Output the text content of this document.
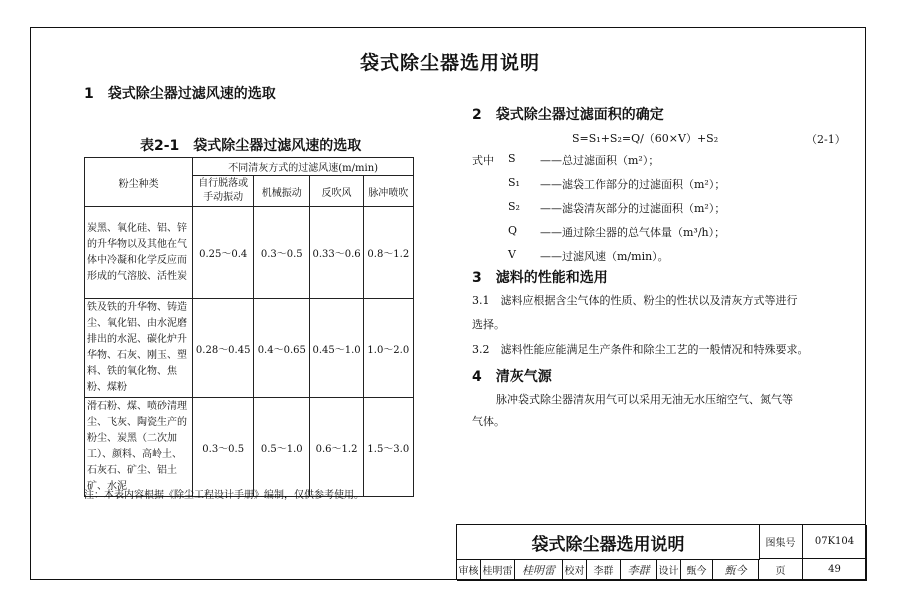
袋式除尘器选用说明
1　袋式除尘器过滤风速的选取
表2-1　袋式除尘器过滤风速的选取
粉尘种类	不同清灰方式的过滤风速(m/min)			
	自行脱落或手动振动	机械振动	反吹风	脉冲喷吹
炭黑、氧化硅、铝、锌的升华物以及其他在气体中冷凝和化学反应而形成的气溶胶、活性炭	0.25～0.4	0.3～0.5	0.33～0.6	0.8～1.2
铁及铁的升华物、铸造尘、氧化铝、由水泥磨排出的水泥、碳化炉升华物、石灰、刚玉、塑料、铁的氧化物、焦粉、煤粉	0.28～0.45	0.4～0.65	0.45～1.0	1.0～2.0
滑石粉、煤、喷砂清理尘、飞灰、陶瓷生产的粉尘、炭黑（二次加工）、颜料、高岭土、石灰石、矿尘、铝土矿、水泥	0.3～0.5	0.5～1.0	0.6～1.2	1.5～3.0
注：本表内容根据《除尘工程设计手册》编制，仅供参考使用。
2　袋式除尘器过滤面积的确定
S=S₁+S₂=Q/（60×V）+S₂	（2-1）
式中 S ——总过滤面积（m²）；
S₁ ——滤袋工作部分的过滤面积（m²）；
S₂ ——滤袋清灰部分的过滤面积（m²）；
Q ——通过除尘器的总气体量（m³/h）；
V ——过滤风速（m/min）。
3　滤料的性能和选用
3.1　滤料应根据含尘气体的性质、粉尘的性状以及清灰方式等进行
选择。
3.2　滤料性能应能满足生产条件和除尘工艺的一般情况和特殊要求。
4　清灰气源
脉冲袋式除尘器清灰用气可以采用无油无水压缩空气、氮气等
气体。
袋式除尘器选用说明	图集号	07K104
审核 桂明雷 桂明雷 校对 李群	李群 设计 甄今	甄今	页	49
